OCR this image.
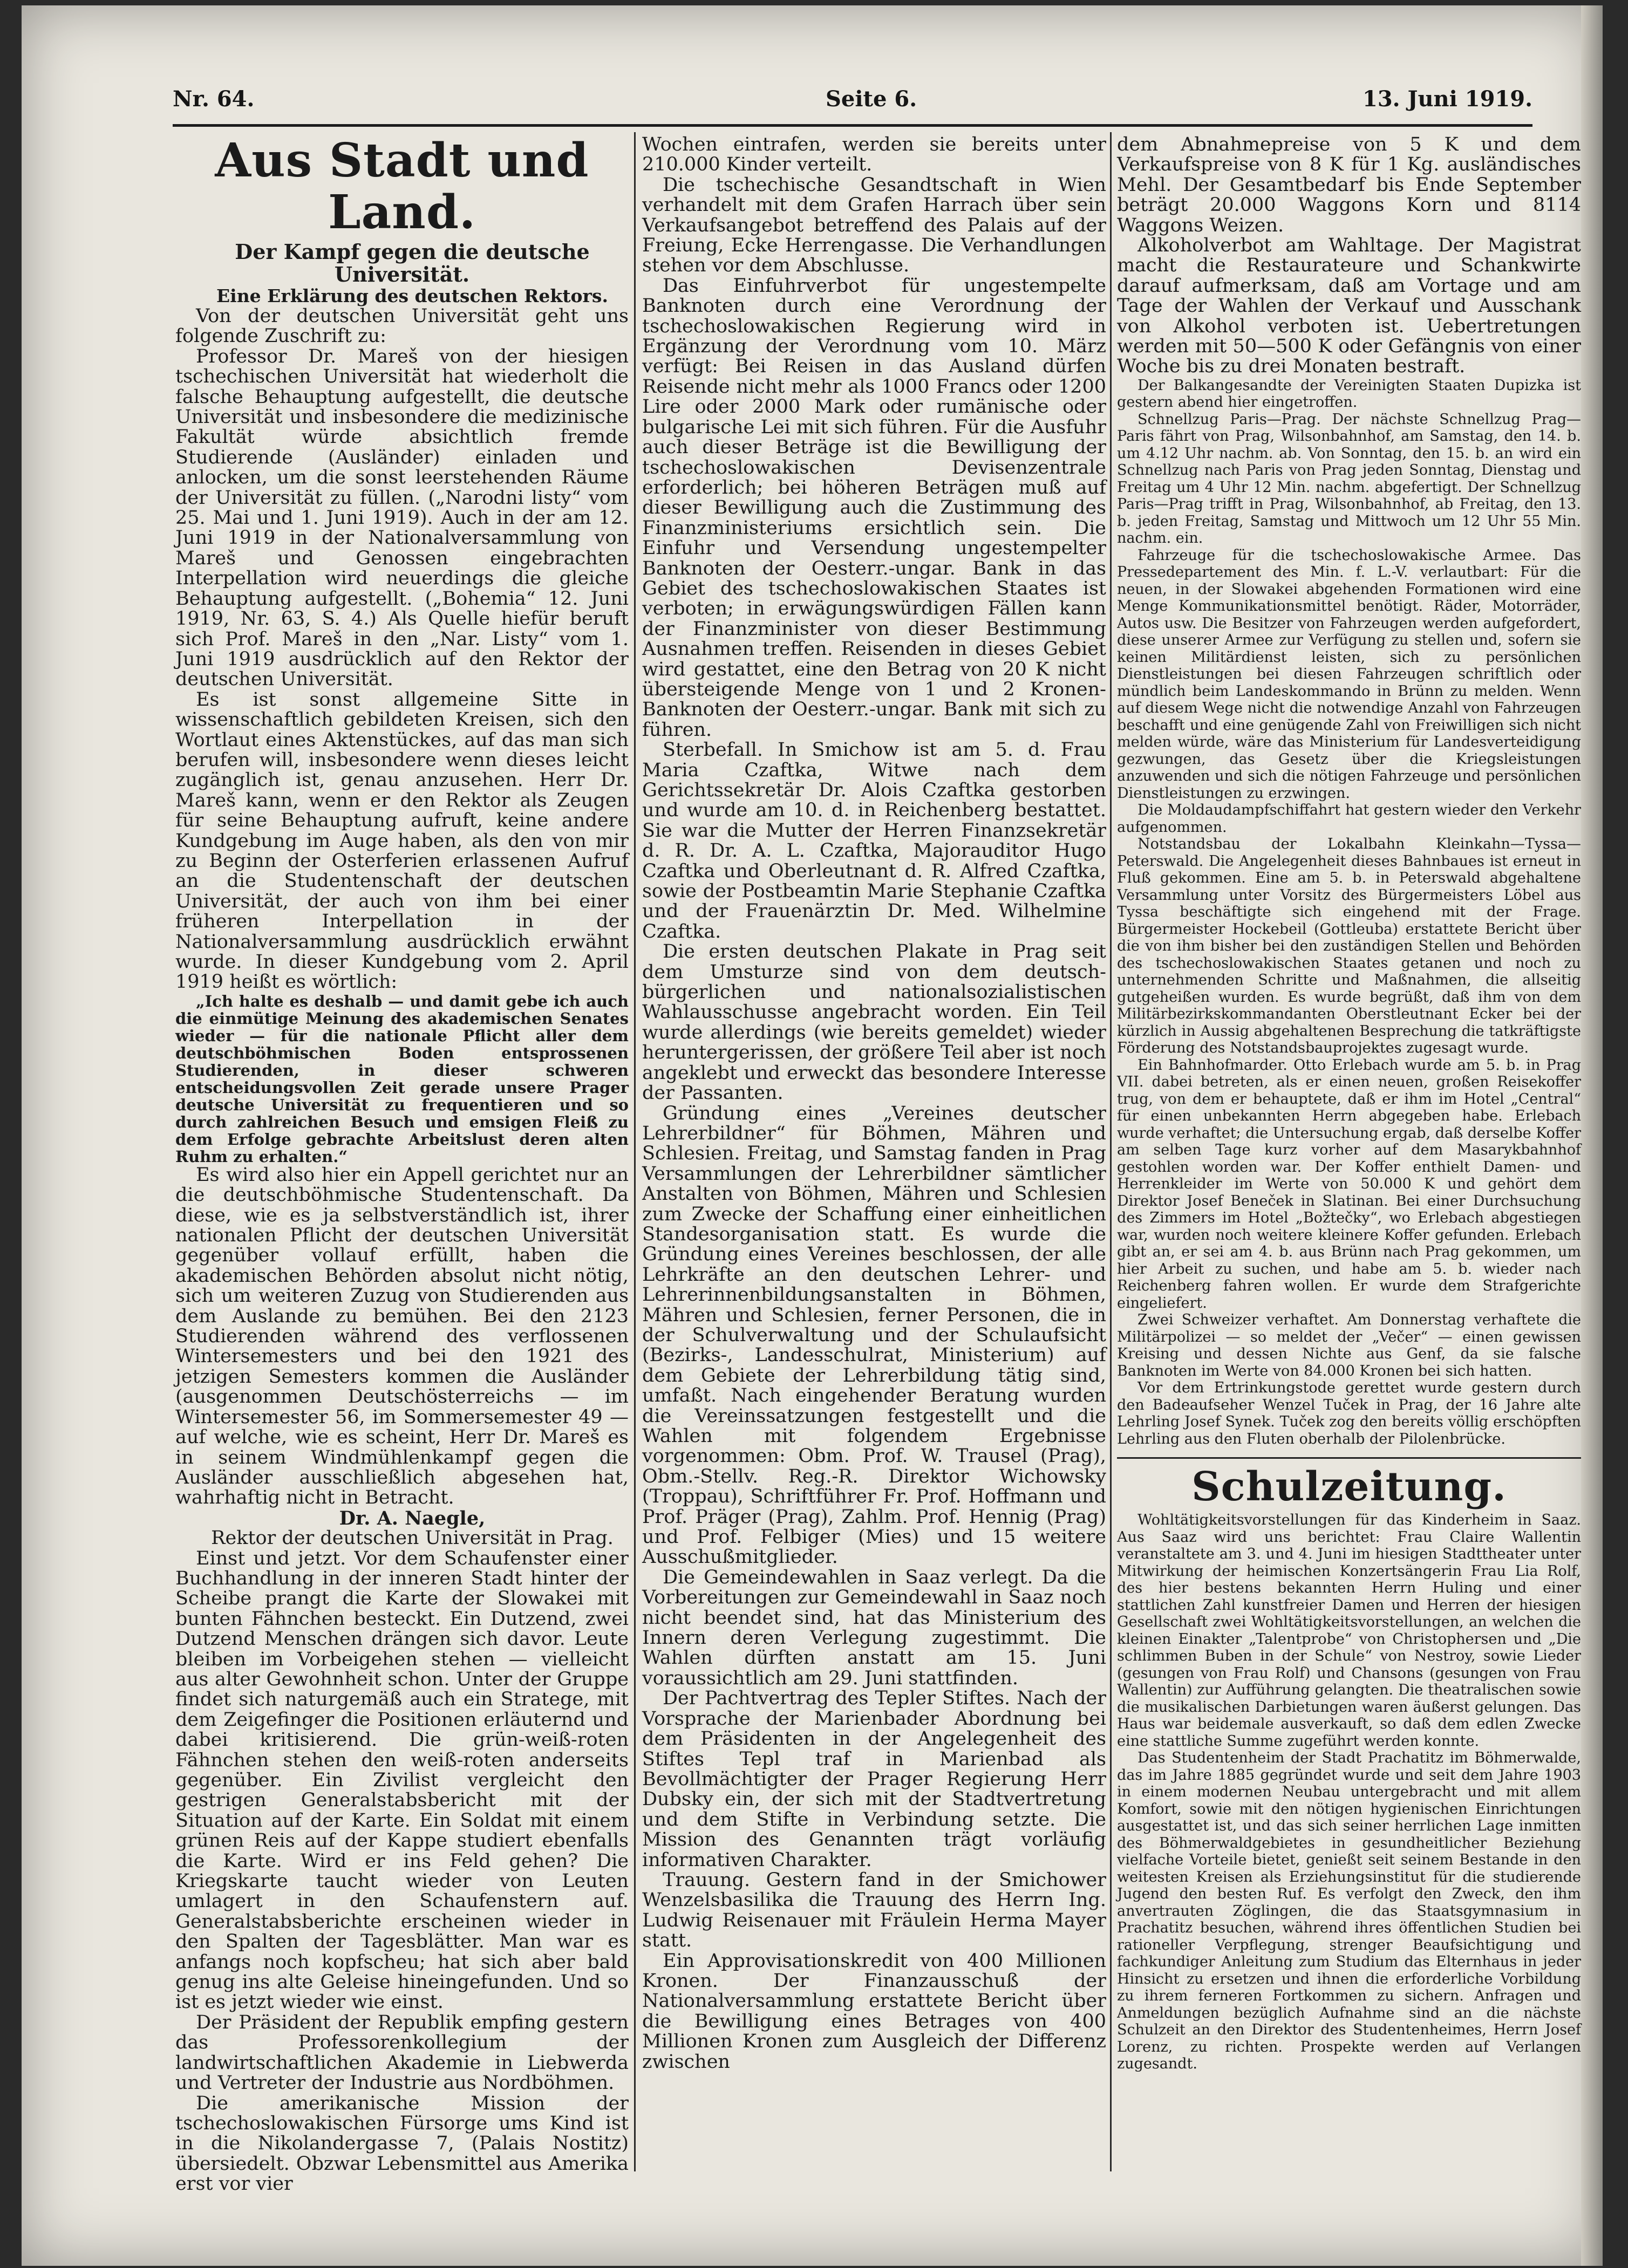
Nr. 64.	Seite 6.	13. Juni 1919.
Aus Stadt und Land.

Der Kampf gegen die deutsche Universität.

Eine Erklärung des deutschen Rektors.

Von der deutschen Universität geht uns folgende Zuschrift zu:

Professor Dr. Mareš von der hiesigen tschechischen Universität hat wiederholt die falsche Behauptung aufgestellt, die deutsche Universität und insbesondere die medizinische Fakultät würde absichtlich fremde Studierende (Ausländer) einladen und anlocken, um die sonst leerstehenden Räume der Universität zu füllen. („Narodni listy“ vom 25. Mai und 1. Juni 1919). Auch in der am 12. Juni 1919 in der Nationalversammlung von Mareš und Genossen eingebrachten Interpellation wird neuerdings die gleiche Behauptung aufgestellt. („Bohemia“ 12. Juni 1919, Nr. 63, S. 4.) Als Quelle hiefür beruft sich Prof. Mareš in den „Nar. Listy“ vom 1. Juni 1919 ausdrücklich auf den Rektor der deutschen Universität.

Es ist sonst allgemeine Sitte in wissenschaftlich gebildeten Kreisen, sich den Wortlaut eines Aktenstückes, auf das man sich berufen will, insbesondere wenn dieses leicht zugänglich ist, genau anzusehen. Herr Dr. Mareš kann, wenn er den Rektor als Zeugen für seine Behauptung aufruft, keine andere Kundgebung im Auge haben, als den von mir zu Beginn der Osterferien erlassenen Aufruf an die Studentenschaft der deutschen Universität, der auch von ihm bei einer früheren Interpellation in der Nationalversammlung ausdrücklich erwähnt wurde. In dieser Kundgebung vom 2. April 1919 heißt es wörtlich:

„Ich halte es deshalb — und damit gebe ich auch die einmütige Meinung des akademischen Senates wieder — für die nationale Pflicht aller dem deutschböhmischen Boden entsprossenen Studierenden, in dieser schweren entscheidungsvollen Zeit gerade unsere Prager deutsche Universität zu frequentieren und so durch zahlreichen Besuch und emsigen Fleiß zu dem Erfolge gebrachte Arbeitslust deren alten Ruhm zu erhalten.“

Es wird also hier ein Appell gerichtet nur an die deutschböhmische Studentenschaft. Da diese, wie es ja selbstverständlich ist, ihrer nationalen Pflicht der deutschen Universität gegenüber vollauf erfüllt, haben die akademischen Behörden absolut nicht nötig, sich um weiteren Zuzug von Studierenden aus dem Auslande zu bemühen. Bei den 2123 Studierenden während des verflossenen Wintersemesters und bei den 1921 des jetzigen Semesters kommen die Ausländer (ausgenommen Deutschösterreichs — im Wintersemester 56, im Sommersemester 49 — auf welche, wie es scheint, Herr Dr. Mareš es in seinem Windmühlenkampf gegen die Ausländer ausschließlich abgesehen hat, wahrhaftig nicht in Betracht.

Dr. A. Naegle,

Rektor der deutschen Universität in Prag.

Einst und jetzt. Vor dem Schaufenster einer Buchhandlung in der inneren Stadt hinter der Scheibe prangt die Karte der Slowakei mit bunten Fähnchen besteckt. Ein Dutzend, zwei Dutzend Menschen drängen sich davor. Leute bleiben im Vorbeigehen stehen — vielleicht aus alter Gewohnheit schon. Unter der Gruppe findet sich naturgemäß auch ein Stratege, mit dem Zeigefinger die Positionen erläuternd und dabei kritisierend. Die grün-weiß-roten Fähnchen stehen den weiß-roten anderseits gegenüber. Ein Zivilist vergleicht den gestrigen Generalstabsbericht mit der Situation auf der Karte. Ein Soldat mit einem grünen Reis auf der Kappe studiert ebenfalls die Karte. Wird er ins Feld gehen? Die Kriegskarte taucht wieder von Leuten umlagert in den Schaufenstern auf. Generalstabsberichte erscheinen wieder in den Spalten der Tagesblätter. Man war es anfangs noch kopfscheu; hat sich aber bald genug ins alte Geleise hineingefunden. Und so ist es jetzt wieder wie einst.

Der Präsident der Republik empfing gestern das Professorenkollegium der landwirtschaftlichen Akademie in Liebwerda und Vertreter der Industrie aus Nordböhmen.

Die amerikanische Mission der tschechoslowakischen Fürsorge ums Kind ist in die Nikolandergasse 7, (Palais Nostitz) übersiedelt. Obzwar Lebensmittel aus Amerika erst vor vier

Wochen eintrafen, werden sie bereits unter 210.000 Kinder verteilt.

Die tschechische Gesandtschaft in Wien verhandelt mit dem Grafen Harrach über sein Verkaufsangebot betreffend des Palais auf der Freiung, Ecke Herrengasse. Die Verhandlungen stehen vor dem Abschlusse.

Das Einfuhrverbot für ungestempelte Banknoten durch eine Verordnung der tschechoslowakischen Regierung wird in Ergänzung der Verordnung vom 10. März verfügt: Bei Reisen in das Ausland dürfen Reisende nicht mehr als 1000 Francs oder 1200 Lire oder 2000 Mark oder rumänische oder bulgarische Lei mit sich führen. Für die Ausfuhr auch dieser Beträge ist die Bewilligung der tschechoslowakischen Devisenzentrale erforderlich; bei höheren Beträgen muß auf dieser Bewilligung auch die Zustimmung des Finanzministeriums ersichtlich sein. Die Einfuhr und Versendung ungestempelter Banknoten der Oesterr.-ungar. Bank in das Gebiet des tschechoslowakischen Staates ist verboten; in erwägungswürdigen Fällen kann der Finanzminister von dieser Bestimmung Ausnahmen treffen. Reisenden in dieses Gebiet wird gestattet, eine den Betrag von 20 K nicht übersteigende Menge von 1 und 2 Kronen-Banknoten der Oesterr.-ungar. Bank mit sich zu führen.

Sterbefall. In Smichow ist am 5. d. Frau Maria Czaftka, Witwe nach dem Gerichtssekretär Dr. Alois Czaftka gestorben und wurde am 10. d. in Reichenberg bestattet. Sie war die Mutter der Herren Finanzsekretär d. R. Dr. A. L. Czaftka, Majorauditor Hugo Czaftka und Oberleutnant d. R. Alfred Czaftka, sowie der Postbeamtin Marie Stephanie Czaftka und der Frauenärztin Dr. Med. Wilhelmine Czaftka.

Die ersten deutschen Plakate in Prag seit dem Umsturze sind von dem deutsch-bürgerlichen und nationalsozialistischen Wahlausschusse angebracht worden. Ein Teil wurde allerdings (wie bereits gemeldet) wieder heruntergerissen, der größere Teil aber ist noch angeklebt und erweckt das besondere Interesse der Passanten.

Gründung eines „Vereines deutscher Lehrerbildner“ für Böhmen, Mähren und Schlesien. Freitag, und Samstag fanden in Prag Versammlungen der Lehrerbildner sämtlicher Anstalten von Böhmen, Mähren und Schlesien zum Zwecke der Schaffung einer einheitlichen Standesorganisation statt. Es wurde die Gründung eines Vereines beschlossen, der alle Lehrkräfte an den deutschen Lehrer- und Lehrerinnenbildungsanstalten in Böhmen, Mähren und Schlesien, ferner Personen, die in der Schulverwaltung und der Schulaufsicht (Bezirks-, Landesschulrat, Ministerium) auf dem Gebiete der Lehrerbildung tätig sind, umfaßt. Nach eingehender Beratung wurden die Vereinssatzungen festgestellt und die Wahlen mit folgendem Ergebnisse vorgenommen: Obm. Prof. W. Trausel (Prag), Obm.-Stellv. Reg.-R. Direktor Wichowsky (Troppau), Schriftführer Fr. Prof. Hoffmann und Prof. Präger (Prag), Zahlm. Prof. Hennig (Prag) und Prof. Felbiger (Mies) und 15 weitere Ausschußmitglieder.

Die Gemeindewahlen in Saaz verlegt. Da die Vorbereitungen zur Gemeindewahl in Saaz noch nicht beendet sind, hat das Ministerium des Innern deren Verlegung zugestimmt. Die Wahlen dürften anstatt am 15. Juni voraussichtlich am 29. Juni stattfinden.

Der Pachtvertrag des Tepler Stiftes. Nach der Vorsprache der Marienbader Abordnung bei dem Präsidenten in der Angelegenheit des Stiftes Tepl traf in Marienbad als Bevollmächtigter der Prager Regierung Herr Dubsky ein, der sich mit der Stadtvertretung und dem Stifte in Verbindung setzte. Die Mission des Genannten trägt vorläufig informativen Charakter.

Trauung. Gestern fand in der Smichower Wenzelsbasilika die Trauung des Herrn Ing. Ludwig Reisenauer mit Fräulein Herma Mayer statt.

Ein Approvisationskredit von 400 Millionen Kronen. Der Finanzausschuß der Nationalversammlung erstattete Bericht über die Bewilligung eines Betrages von 400 Millionen Kronen zum Ausgleich der Differenz zwischen

dem Abnahmepreise von 5 K und dem Verkaufspreise von 8 K für 1 Kg. ausländisches Mehl. Der Gesamtbedarf bis Ende September beträgt 20.000 Waggons Korn und 8114 Waggons Weizen.

Alkoholverbot am Wahltage. Der Magistrat macht die Restaurateure und Schankwirte darauf aufmerksam, daß am Vortage und am Tage der Wahlen der Verkauf und Ausschank von Alkohol verboten ist. Uebertretungen werden mit 50—500 K oder Gefängnis von einer Woche bis zu drei Monaten bestraft.

Der Balkangesandte der Vereinigten Staaten Dupizka ist gestern abend hier eingetroffen.

Schnellzug Paris—Prag. Der nächste Schnellzug Prag—Paris fährt von Prag, Wilsonbahnhof, am Samstag, den 14. b. um 4.12 Uhr nachm. ab. Von Sonntag, den 15. b. an wird ein Schnellzug nach Paris von Prag jeden Sonntag, Dienstag und Freitag um 4 Uhr 12 Min. nachm. abgefertigt. Der Schnellzug Paris—Prag trifft in Prag, Wilsonbahnhof, ab Freitag, den 13. b. jeden Freitag, Samstag und Mittwoch um 12 Uhr 55 Min. nachm. ein.

Fahrzeuge für die tschechoslowakische Armee. Das Pressedepartement des Min. f. L.-V. verlautbart: Für die neuen, in der Slowakei abgehenden Formationen wird eine Menge Kommunikationsmittel benötigt. Räder, Motorräder, Autos usw. Die Besitzer von Fahrzeugen werden aufgefordert, diese unserer Armee zur Verfügung zu stellen und, sofern sie keinen Militärdienst leisten, sich zu persönlichen Dienstleistungen bei diesen Fahrzeugen schriftlich oder mündlich beim Landeskommando in Brünn zu melden. Wenn auf diesem Wege nicht die notwendige Anzahl von Fahrzeugen beschafft und eine genügende Zahl von Freiwilligen sich nicht melden würde, wäre das Ministerium für Landesverteidigung gezwungen, das Gesetz über die Kriegsleistungen anzuwenden und sich die nötigen Fahrzeuge und persönlichen Dienstleistungen zu erzwingen.

Die Moldaudampfschiffahrt hat gestern wieder den Verkehr aufgenommen.

Notstandsbau der Lokalbahn Kleinkahn—Tyssa—Peterswald. Die Angelegenheit dieses Bahnbaues ist erneut in Fluß gekommen. Eine am 5. b. in Peterswald abgehaltene Versammlung unter Vorsitz des Bürgermeisters Löbel aus Tyssa beschäftigte sich eingehend mit der Frage. Bürgermeister Hockebeil (Gottleuba) erstattete Bericht über die von ihm bisher bei den zuständigen Stellen und Behörden des tschechoslowakischen Staates getanen und noch zu unternehmenden Schritte und Maßnahmen, die allseitig gutgeheißen wurden. Es wurde begrüßt, daß ihm von dem Militärbezirkskommandanten Oberstleutnant Ecker bei der kürzlich in Aussig abgehaltenen Besprechung die tatkräftigste Förderung des Notstandsbauprojektes zugesagt wurde.

Ein Bahnhofmarder. Otto Erlebach wurde am 5. b. in Prag VII. dabei betreten, als er einen neuen, großen Reisekoffer trug, von dem er behauptete, daß er ihm im Hotel „Central“ für einen unbekannten Herrn abgegeben habe. Erlebach wurde verhaftet; die Untersuchung ergab, daß derselbe Koffer am selben Tage kurz vorher auf dem Masarykbahnhof gestohlen worden war. Der Koffer enthielt Damen- und Herrenkleider im Werte von 50.000 K und gehört dem Direktor Josef Beneček in Slatinan. Bei einer Durchsuchung des Zimmers im Hotel „Božtečky“, wo Erlebach abgestiegen war, wurden noch weitere kleinere Koffer gefunden. Erlebach gibt an, er sei am 4. b. aus Brünn nach Prag gekommen, um hier Arbeit zu suchen, und habe am 5. b. wieder nach Reichenberg fahren wollen. Er wurde dem Strafgerichte eingeliefert.

Zwei Schweizer verhaftet. Am Donnerstag verhaftete die Militärpolizei — so meldet der „Večer“ — einen gewissen Kreising und dessen Nichte aus Genf, da sie falsche Banknoten im Werte von 84.000 Kronen bei sich hatten.

Vor dem Ertrinkungstode gerettet wurde gestern durch den Badeaufseher Wenzel Tuček in Prag, der 16 Jahre alte Lehrling Josef Synek. Tuček zog den bereits völlig erschöpften Lehrling aus den Fluten oberhalb der Pilolenbrücke.

Schulzeitung.

Wohltätigkeitsvorstellungen für das Kinderheim in Saaz. Aus Saaz wird uns berichtet: Frau Claire Wallentin veranstaltete am 3. und 4. Juni im hiesigen Stadttheater unter Mitwirkung der heimischen Konzertsängerin Frau Lia Rolf, des hier bestens bekannten Herrn Huling und einer stattlichen Zahl kunstfreier Damen und Herren der hiesigen Gesellschaft zwei Wohltätigkeitsvorstellungen, an welchen die kleinen Einakter „Talentprobe“ von Christophersen und „Die schlimmen Buben in der Schule“ von Nestroy, sowie Lieder (gesungen von Frau Rolf) und Chansons (gesungen von Frau Wallentin) zur Aufführung gelangten. Die theatralischen sowie die musikalischen Darbietungen waren äußerst gelungen. Das Haus war beidemale ausverkauft, so daß dem edlen Zwecke eine stattliche Summe zugeführt werden konnte.

Das Studentenheim der Stadt Prachatitz im Böhmerwalde, das im Jahre 1885 gegründet wurde und seit dem Jahre 1903 in einem modernen Neubau untergebracht und mit allem Komfort, sowie mit den nötigen hygienischen Einrichtungen ausgestattet ist, und das sich seiner herrlichen Lage inmitten des Böhmerwaldgebietes in gesundheitlicher Beziehung vielfache Vorteile bietet, genießt seit seinem Bestande in den weitesten Kreisen als Erziehungsinstitut für die studierende Jugend den besten Ruf. Es verfolgt den Zweck, den ihm anvertrauten Zöglingen, die das Staatsgymnasium in Prachatitz besuchen, während ihres öffentlichen Studien bei rationeller Verpflegung, strenger Beaufsichtigung und fachkundiger Anleitung zum Studium das Elternhaus in jeder Hinsicht zu ersetzen und ihnen die erforderliche Vorbildung zu ihrem ferneren Fortkommen zu sichern. Anfragen und Anmeldungen bezüglich Aufnahme sind an die nächste Schulzeit an den Direktor des Studentenheimes, Herrn Josef Lorenz, zu richten. Prospekte werden auf Verlangen zugesandt.
